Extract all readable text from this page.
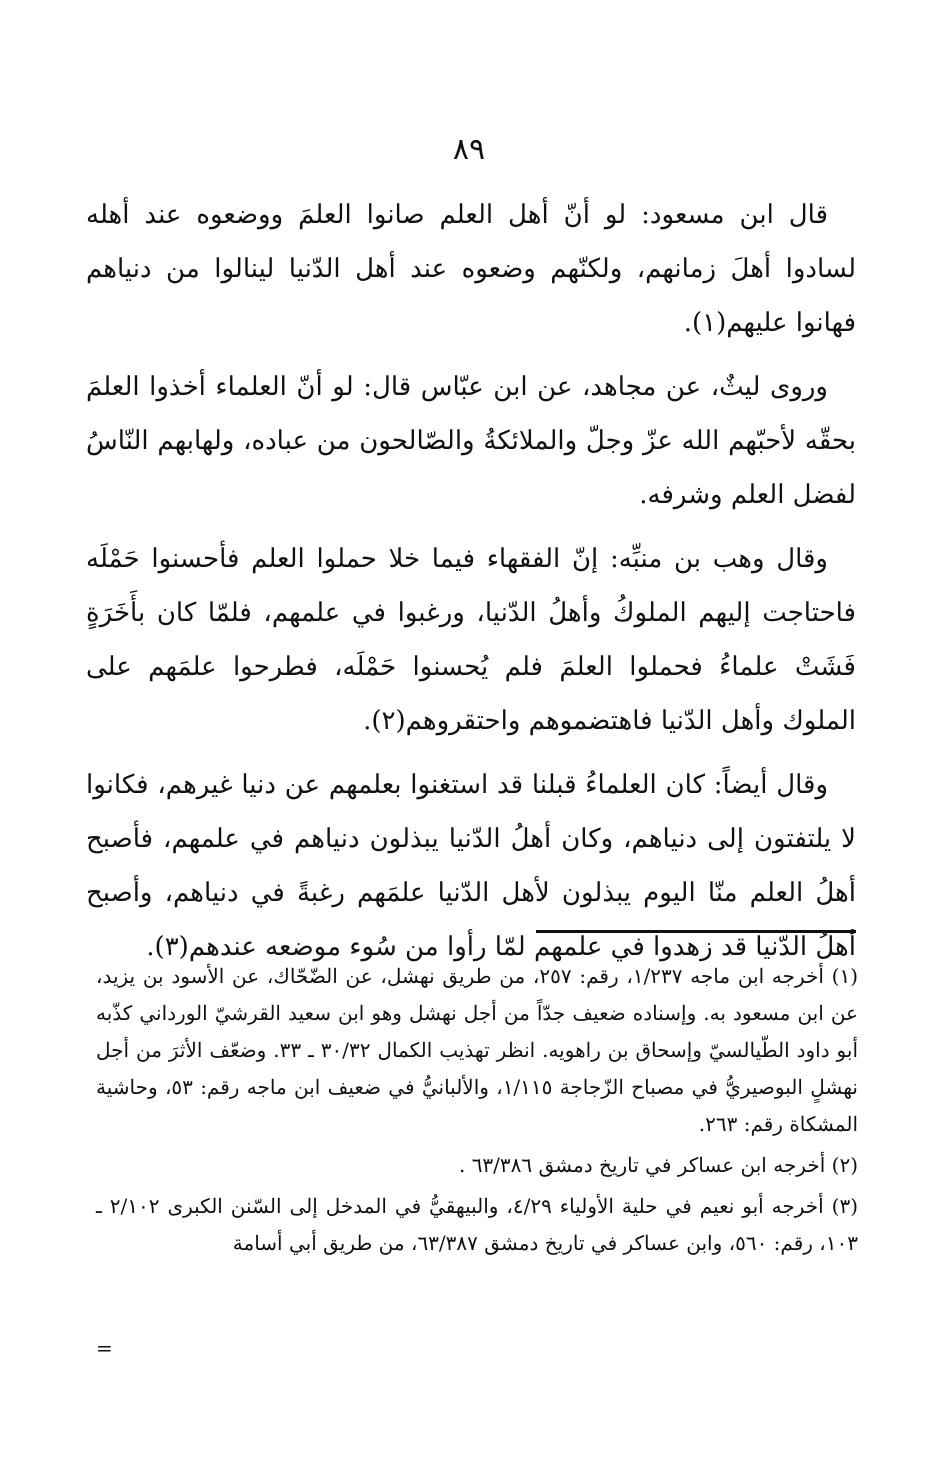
٨٩

قال ابن مسعود: لو أنّ أهل العلم صانوا العلمَ ووضعوه عند أهله لسادوا أهلَ زمانهم، ولكنّهم وضعوه عند أهل الدّنيا لينالوا من دنياهم فهانوا عليهم(١).

وروى ليثٌ، عن مجاهد، عن ابن عبّاس قال: لو أنّ العلماء أخذوا العلمَ بحقّه لأحبّهم الله عزّ وجلّ والملائكةُ والصّالحون من عباده، ولهابهم النّاسُ لفضل العلم وشرفه.

وقال وهب بن منبِّه: إنّ الفقهاء فيما خلا حملوا العلم فأحسنوا حَمْلَه فاحتاجت إليهم الملوكُ وأهلُ الدّنيا، ورغبوا في علمهم، فلمّا كان بأَخَرَةٍ فَشَتْ علماءُ فحملوا العلمَ فلم يُحسنوا حَمْلَه، فطرحوا علمَهم على الملوك وأهل الدّنيا فاهتضموهم واحتقروهم(٢).

وقال أيضاً: كان العلماءُ قبلنا قد استغنوا بعلمهم عن دنيا غيرهم، فكانوا لا يلتفتون إلى دنياهم، وكان أهلُ الدّنيا يبذلون دنياهم في علمهم، فأصبح أهلُ العلم منّا اليوم يبذلون لأهل الدّنيا علمَهم رغبةً في دنياهم، وأصبح أهلُ الدّنيا قد زهدوا في علمهم لمّا رأوا من سُوء موضعه عندهم(٣).

(١) أخرجه ابن ماجه ١/٢٣٧، رقم: ٢٥٧، من طريق نهشل، عن الضّحّاك، عن الأسود بن يزيد، عن ابن مسعود به. وإسناده ضعيف جدّاً من أجل نهشل وهو ابن سعيد القرشيّ الورداني كذّبه أبو داود الطّيالسيّ وإسحاق بن راهويه. انظر تهذيب الكمال ٣٠/٣٢ ـ ٣٣. وضعّف الأثرَ من أجل نهشلٍ البوصيريُّ في مصباح الزّجاجة ١/١١٥، والألبانيُّ في ضعيف ابن ماجه رقم: ٥٣، وحاشية المشكاة رقم: ٢٦٣.

(٢) أخرجه ابن عساكر في تاريخ دمشق ٦٣/٣٨٦ .

(٣) أخرجه أبو نعيم في حلية الأولياء ٤/٢٩، والبيهقيُّ في المدخل إلى السّنن الكبرى ٢/١٠٢ ـ ١٠٣، رقم: ٥٦٠، وابن عساكر في تاريخ دمشق ٦٣/٣٨٧، من طريق أبي أسامة

=
